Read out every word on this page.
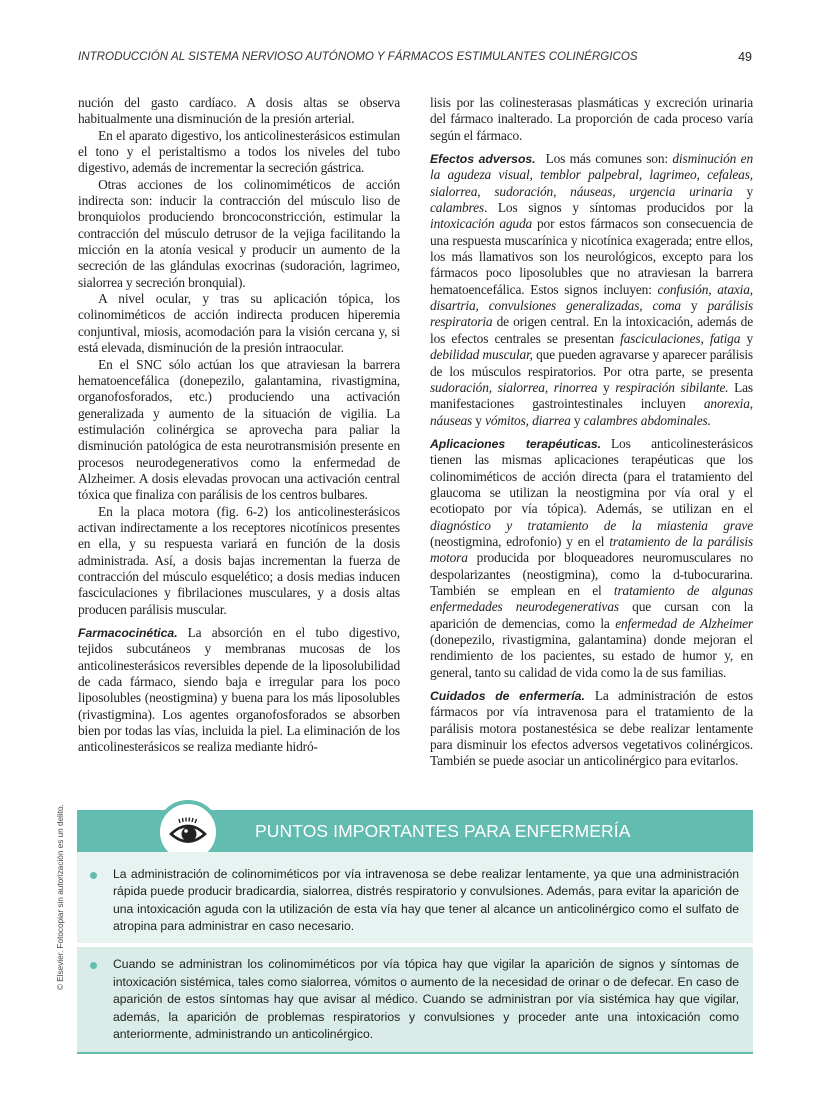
INTRODUCCIÓN AL SISTEMA NERVIOSO AUTÓNOMO Y FÁRMACOS ESTIMULANTES COLINÉRGICOS	49

nución del gasto cardíaco. A dosis altas se observa habitualmente una disminución de la presión arterial.

En el aparato digestivo, los anticolinesterásicos estimulan el tono y el peristaltismo a todos los niveles del tubo digestivo, además de incrementar la secreción gástrica.

Otras acciones de los colinomiméticos de acción indirecta son: inducir la contracción del músculo liso de bronquiolos produciendo broncoconstricción, estimular la contracción del músculo detrusor de la vejiga facilitando la micción en la atonía vesical y producir un aumento de la secreción de las glándulas exocrinas (sudoración, lagrimeo, sialorrea y secreción bronquial).

A nivel ocular, y tras su aplicación tópica, los colinomiméticos de acción indirecta producen hiperemia conjuntival, miosis, acomodación para la visión cercana y, si está elevada, disminución de la presión intraocular.

En el SNC sólo actúan los que atraviesan la barrera hematoencefálica (donepezilo, galantamina, rivastigmina, organofosforados, etc.) produciendo una activación generalizada y aumento de la situación de vigilia. La estimulación colinérgica se aprovecha para paliar la disminución patológica de esta neurotransmisión presente en procesos neurodegenerativos como la enfermedad de Alzheimer. A dosis elevadas provocan una activación central tóxica que finaliza con parálisis de los centros bulbares.

En la placa motora (fig. 6-2) los anticolinesterásicos activan indirectamente a los receptores nicotínicos presentes en ella, y su respuesta variará en función de la dosis administrada. Así, a dosis bajas incrementan la fuerza de contracción del músculo esquelético; a dosis medias inducen fasciculaciones y fibrilaciones musculares, y a dosis altas producen parálisis muscular.

Farmacocinética. La absorción en el tubo digestivo, tejidos subcutáneos y membranas mucosas de los anticolinesterásicos reversibles depende de la liposolubilidad de cada fármaco, siendo baja e irregular para los poco liposolubles (neostigmina) y buena para los más liposolubles (rivastigmina). Los agentes organofosforados se absorben bien por todas las vías, incluida la piel. La eliminación de los anticolinesterásicos se realiza mediante hidró-

lisis por las colinesterasas plasmáticas y excreción urinaria del fármaco inalterado. La proporción de cada proceso varía según el fármaco.

Efectos adversos. Los más comunes son: disminución en la agudeza visual, temblor palpebral, lagrimeo, cefaleas, sialorrea, sudoración, náuseas, urgencia urinaria y calambres. Los signos y síntomas producidos por la intoxicación aguda por estos fármacos son consecuencia de una respuesta muscarínica y nicotínica exagerada; entre ellos, los más llamativos son los neurológicos, excepto para los fármacos poco liposolubles que no atraviesan la barrera hematoencefálica. Estos signos incluyen: confusión, ataxia, disartria, convulsiones generalizadas, coma y parálisis respiratoria de origen central. En la intoxicación, además de los efectos centrales se presentan fasciculaciones, fatiga y debilidad muscular, que pueden agravarse y aparecer parálisis de los músculos respiratorios. Por otra parte, se presenta sudoración, sialorrea, rinorrea y respiración sibilante. Las manifestaciones gastrointestinales incluyen anorexia, náuseas y vómitos, diarrea y calambres abdominales.

Aplicaciones terapéuticas. Los anticolinesterásicos tienen las mismas aplicaciones terapéuticas que los colinomiméticos de acción directa (para el tratamiento del glaucoma se utilizan la neostigmina por vía oral y el ecotiopato por vía tópica). Además, se utilizan en el diagnóstico y tratamiento de la miastenia grave (neostigmina, edrofonio) y en el tratamiento de la parálisis motora producida por bloqueadores neuromusculares no despolarizantes (neostigmina), como la d-tubocurarina. También se emplean en el tratamiento de algunas enfermedades neurodegenerativas que cursan con la aparición de demencias, como la enfermedad de Alzheimer (donepezilo, rivastigmina, galantamina) donde mejoran el rendimiento de los pacientes, su estado de humor y, en general, tanto su calidad de vida como la de sus familias.

Cuidados de enfermería. La administración de estos fármacos por vía intravenosa para el tratamiento de la parálisis motora postanestésica se debe realizar lentamente para disminuir los efectos adversos vegetativos colinérgicos. También se puede asociar un anticolinérgico para evitarlos.

PUNTOS IMPORTANTES PARA ENFERMERÍA
La administración de colinomiméticos por vía intravenosa se debe realizar lentamente, ya que una administración rápida puede producir bradicardia, sialorrea, distrés respiratorio y convulsiones. Además, para evitar la aparición de una intoxicación aguda con la utilización de esta vía hay que tener al alcance un anticolinérgico como el sulfato de atropina para administrar en caso necesario.
Cuando se administran los colinomiméticos por vía tópica hay que vigilar la aparición de signos y síntomas de intoxicación sistémica, tales como sialorrea, vómitos o aumento de la necesidad de orinar o de defecar. En caso de aparición de estos síntomas hay que avisar al médico. Cuando se administran por vía sistémica hay que vigilar, además, la aparición de problemas respiratorios y convulsiones y proceder ante una intoxicación como anteriormente, administrando un anticolinérgico.
© Elsevier. Fotocopiar sin autorización es un delito.
